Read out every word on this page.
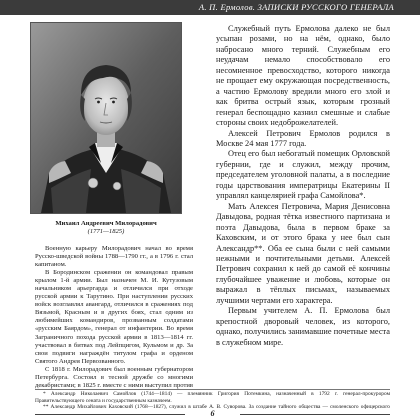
А. П. Ермолов. ЗАПИСКИ РУССКОГО ГЕНЕРАЛА
Михаил Андреевич Милорадович
(1771—1825)

Военную карьеру Милорадович начал во время Русско-шведской войны 1788—1790 гг., а в 1796 г. стал капитаном.

В Бородинском сражении он командовал правым крылом 1-й армии. Был назначен М. И. Кутузовым начальником арьергарда и отличился при отходе русской армии к Тарутино. При наступлении русских войск возглавлял авангард, отличился в сражениях под Вязьмой, Красным и в других боях, стал одним из любимейших командиров, прозванным солдатами «русским Баярдом», генерал от инфантерии. Во время Заграничного похода русской армии в 1813—1814 гг. участвовал в битвах под Лейпцигом, Кульмом и др. За свои подвиги награждён титулом графа и орденом Святого Андрея Первозванного.

С 1818 г. Милорадович был военным губернатором Петербурга. Состоял в тесной дружбе со многими декабристами; в 1825 г. вместе с ними выступил против

Служебный путь Ермолова далеко не был усыпан розами, но на нём, однако, было набросано много терний. Служебным его неудачам немало способствовало его несомненное превосходство, которого никогда не прощает ему окружающая посредственность, а частию Ермолову вредили много его злой и как бритва острый язык, которым грозный генерал беспощадно казнил смешные и слабые стороны своих недоброжелателей.

Алексей Петрович Ермолов родился в Москве 24 мая 1777 года.

Отец его был небогатый помещик Орловской губернии, где и служил, между прочим, председателем уголовной палаты, а в последние годы царствования императрицы Екатерины II управлял канцелярией графа Самойлова*.

Мать Алексея Петровича, Мария Денисовна Давыдова, родная тётка известного партизана и поэта Давыдова, была в первом браке за Каховским, и от этого брака у нее был сын Александр**. Оба ее сына были с ней самыми нежными и почтительными детьми. Алексей Петрович сохранил к ней до самой её кончины глубочайшее уважение и любовь, которые он выражал в тёплых письмах, называемых лучшими чертами его характера.

Первым учителем А. П. Ермолова был крепостной дворовый человек, из которого, однако, получились занимавшие почетные места в служебном мире.

* Александр Николаевич Самойлов (1744—1814) — племянник Григория Потемкина, назначенный в 1792 г. генерал-прокурором Правительствующего сената и государственным казначеем.

** Александр Михайлович Каховский (1768—1827), служил в штабе А. В. Суворова. За создание тайного общества — смоленского офицерского

6
